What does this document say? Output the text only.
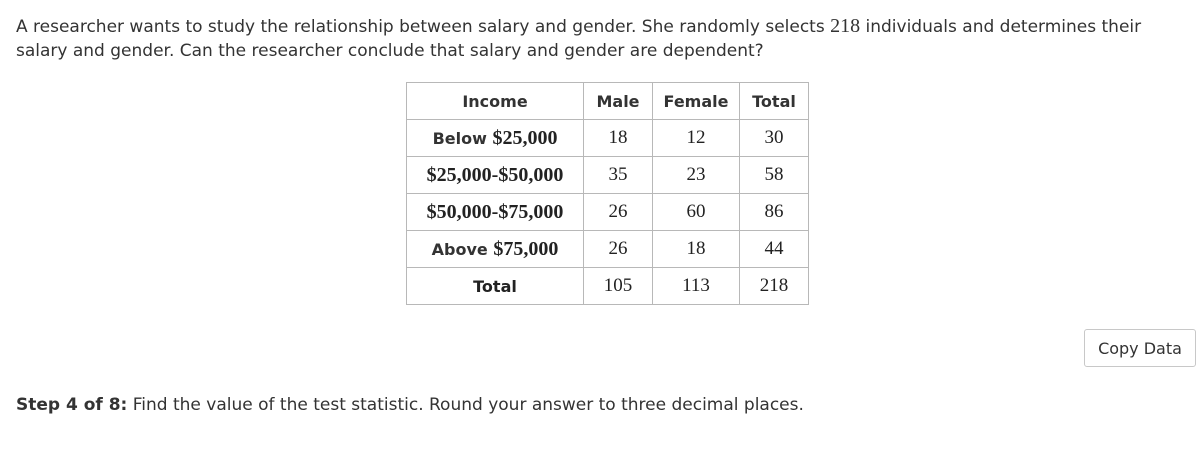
A researcher wants to study the relationship between salary and gender. She randomly selects 218 individuals and determines their salary and gender. Can the researcher conclude that salary and gender are dependent?

Income	Male	Female	Total
Below $25,000	18	12	30
$25,000-$50,000	35	23	58
$50,000-$75,000	26	60	86
Above $75,000	26	18	44
Total	105	113	218
Copy Data

Step 4 of 8: Find the value of the test statistic. Round your answer to three decimal places.
